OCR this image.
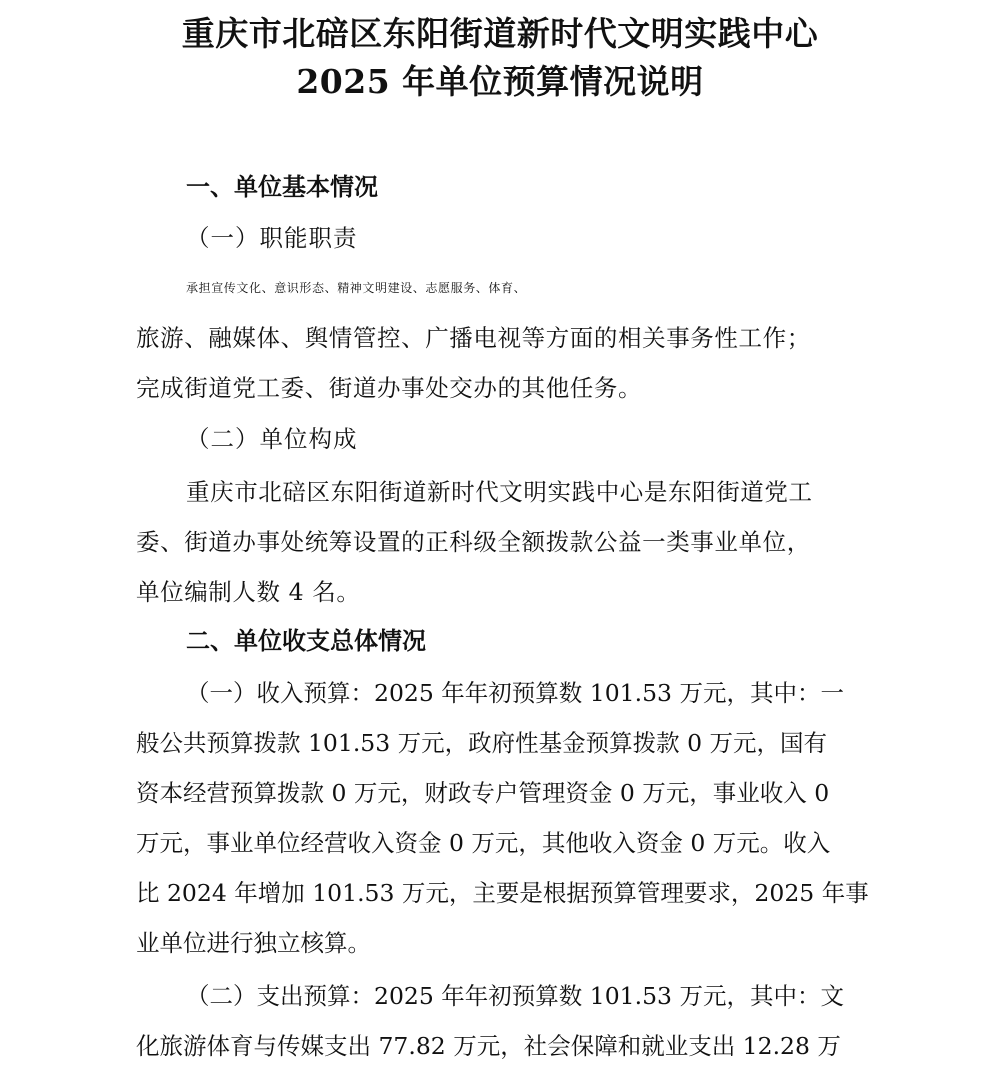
重庆市北碚区东阳街道新时代文明实践中心
2025 年单位预算情况说明
一、单位基本情况
（一）职能职责
承担宣传文化、意识形态、精神文明建设、志愿服务、体育、
旅游、融媒体、舆情管控、广播电视等方面的相关事务性工作；
完成街道党工委、街道办事处交办的其他任务。
（二）单位构成
重庆市北碚区东阳街道新时代文明实践中心是东阳街道党工
委、街道办事处统筹设置的正科级全额拨款公益一类事业单位，
单位编制人数 4 名。
二、单位收支总体情况
（一）收入预算：2025 年年初预算数 101.53 万元，其中：一
般公共预算拨款 101.53 万元，政府性基金预算拨款 0 万元，国有
资本经营预算拨款 0 万元，财政专户管理资金 0 万元，事业收入 0
万元，事业单位经营收入资金 0 万元，其他收入资金 0 万元。收入
比 2024 年增加 101.53 万元，主要是根据预算管理要求，2025 年事
业单位进行独立核算。
（二）支出预算：2025 年年初预算数 101.53 万元，其中：文
化旅游体育与传媒支出 77.82 万元，社会保障和就业支出 12.28 万
